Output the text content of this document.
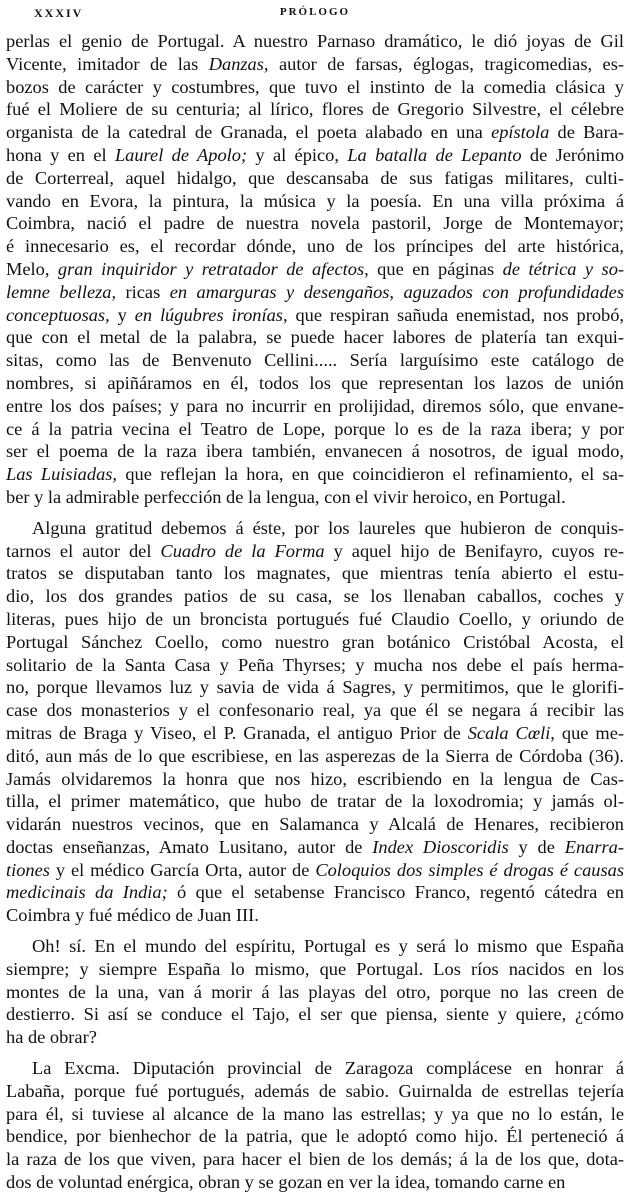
XXXIV	PRÓLOGO
perlas el genio de Portugal. A nuestro Parnaso dramático, le dió joyas de Gil
Vicente, imitador de las Danzas, autor de farsas, églogas, tragicomedias, es-
bozos de carácter y costumbres, que tuvo el instinto de la comedia clásica y
fué el Moliere de su centuria; al lírico, flores de Gregorio Silvestre, el célebre
organista de la catedral de Granada, el poeta alabado en una epístola de Bara-
hona y en el Laurel de Apolo; y al épico, La batalla de Lepanto de Jerónimo
de Corterreal, aquel hidalgo, que descansaba de sus fatigas militares, culti-
vando en Evora, la pintura, la música y la poesía. En una villa próxima á
Coimbra, nació el padre de nuestra novela pastoril, Jorge de Montemayor;
é innecesario es, el recordar dónde, uno de los príncipes del arte histórica,
Melo, gran inquiridor y retratador de afectos, que en páginas de tétrica y so-
lemne belleza, ricas en amarguras y desengaños, aguzados con profundidades
conceptuosas, y en lúgubres ironías, que respiran sañuda enemistad, nos probó,
que con el metal de la palabra, se puede hacer labores de platería tan exqui-
sitas, como las de Benvenuto Cellini..... Sería larguísimo este catálogo de
nombres, si apiñáramos en él, todos los que representan los lazos de unión
entre los dos países; y para no incurrir en prolijidad, diremos sólo, que envane-
ce á la patria vecina el Teatro de Lope, porque lo es de la raza ibera; y por
ser el poema de la raza ibera también, envanecen á nosotros, de igual modo,
Las Luisiadas, que reflejan la hora, en que coincidieron el refinamiento, el sa-
ber y la admirable perfección de la lengua, con el vivir heroico, en Portugal.
Alguna gratitud debemos á éste, por los laureles que hubieron de conquis-
tarnos el autor del Cuadro de la Forma y aquel hijo de Benifayro, cuyos re-
tratos se disputaban tanto los magnates, que mientras tenía abierto el estu-
dio, los dos grandes patios de su casa, se los llenaban caballos, coches y
literas, pues hijo de un broncista portugués fué Claudio Coello, y oriundo de
Portugal Sánchez Coello, como nuestro gran botánico Cristóbal Acosta, el
solitario de la Santa Casa y Peña Thyrses; y mucha nos debe el país herma-
no, porque llevamos luz y savia de vida á Sagres, y permitimos, que le glorifi-
case dos monasterios y el confesonario real, ya que él se negara á recibir las
mitras de Braga y Viseo, el P. Granada, el antiguo Prior de Scala Cœli, que me-
ditó, aun más de lo que escribiese, en las asperezas de la Sierra de Córdoba (36).
Jamás olvidaremos la honra que nos hizo, escribiendo en la lengua de Cas-
tilla, el primer matemático, que hubo de tratar de la loxodromia; y jamás ol-
vidarán nuestros vecinos, que en Salamanca y Alcalá de Henares, recibieron
doctas enseñanzas, Amato Lusitano, autor de Index Dioscoridis y de Enarra-
tiones y el médico García Orta, autor de Coloquios dos simples é drogas é causas
medicinais da India; ó que el setabense Francisco Franco, regentó cátedra en
Coimbra y fué médico de Juan III.
Oh! sí. En el mundo del espíritu, Portugal es y será lo mismo que España
siempre; y siempre España lo mismo, que Portugal. Los ríos nacidos en los
montes de la una, van á morir á las playas del otro, porque no las creen de
destierro. Si así se conduce el Tajo, el ser que piensa, siente y quiere, ¿cómo
ha de obrar?
La Excma. Diputación provincial de Zaragoza complácese en honrar á
Labaña, porque fué portugués, además de sabio. Guirnalda de estrellas tejería
para él, si tuviese al alcance de la mano las estrellas; y ya que no lo están, le
bendice, por bienhechor de la patria, que le adoptó como hijo. Él perteneció á
la raza de los que viven, para hacer el bien de los demás; á la de los que, dota-
dos de voluntad enérgica, obran y se gozan en ver la idea, tomando carne en
